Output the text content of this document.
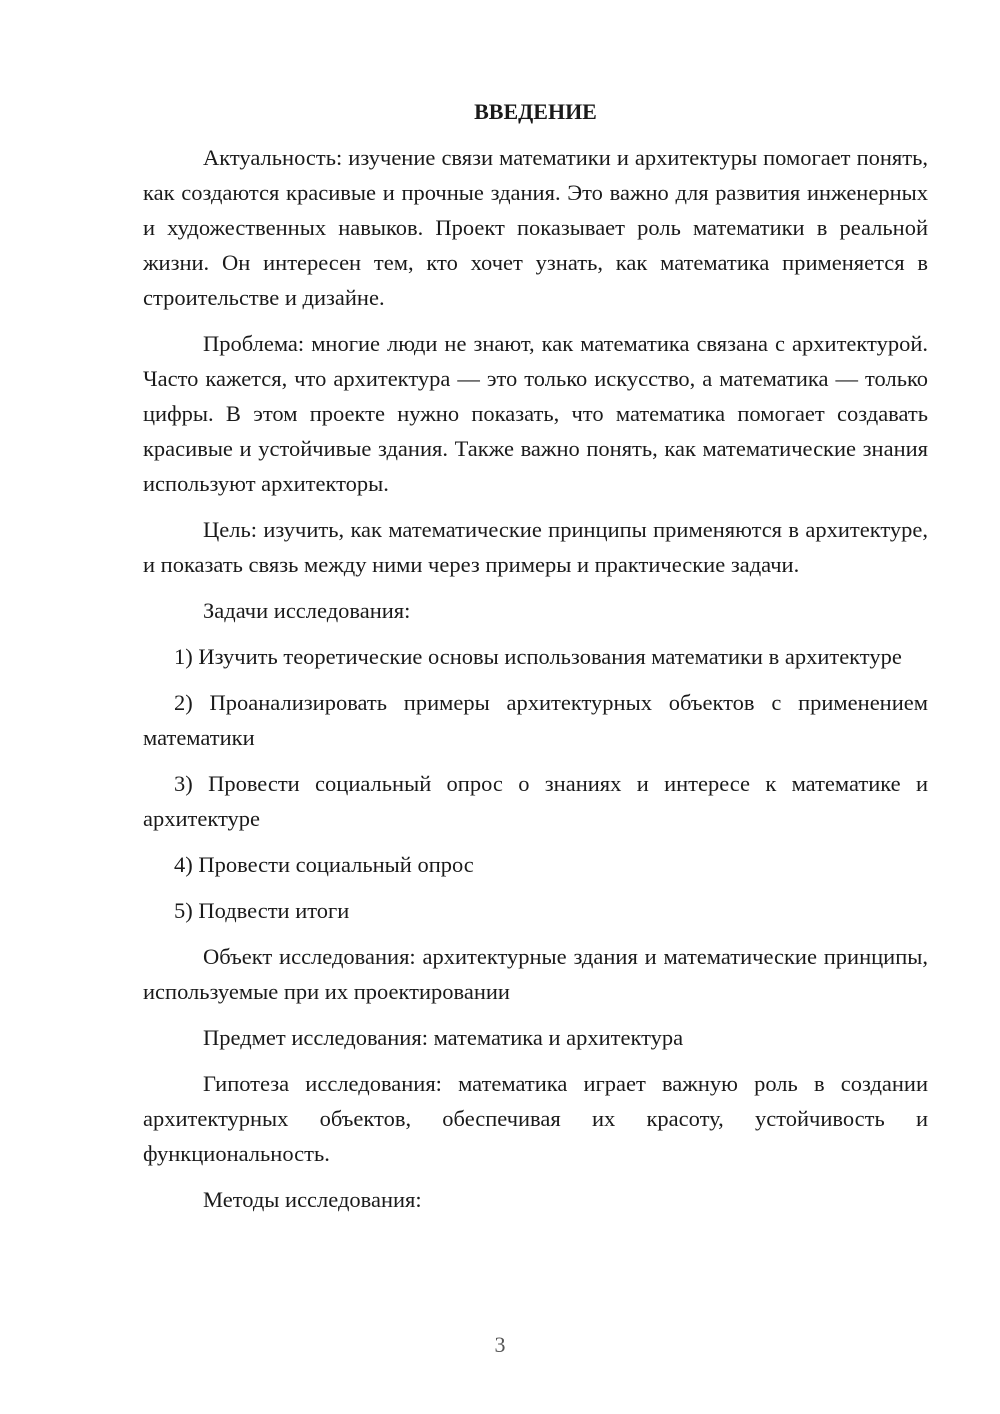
ВВЕДЕНИЕ

Актуальность: изучение связи математики и архитектуры помогает понять, как создаются красивые и прочные здания. Это важно для развития инженерных и художественных навыков. Проект показывает роль математики в реальной жизни. Он интересен тем, кто хочет узнать, как математика применяется в строительстве и дизайне.

Проблема: многие люди не знают, как математика связана с архитектурой. Часто кажется, что архитектура — это только искусство, а математика — только цифры. В этом проекте нужно показать, что математика помогает создавать красивые и устойчивые здания. Также важно понять, как математические знания используют архитекторы.

Цель: изучить, как математические принципы применяются в архитектуре, и показать связь между ними через примеры и практические задачи.

Задачи исследования:

1) Изучить теоретические основы использования математики в архитектуре

2) Проанализировать примеры архитектурных объектов с применением математики

3) Провести социальный опрос о знаниях и интересе к математике и архитектуре

4) Провести социальный опрос

5) Подвести итоги

Объект исследования: архитектурные здания и математические принципы, используемые при их проектировании

Предмет исследования: математика и архитектура

Гипотеза исследования: математика играет важную роль в создании архитектурных объектов, обеспечивая их красоту, устойчивость и функциональность.

Методы исследования:

3
